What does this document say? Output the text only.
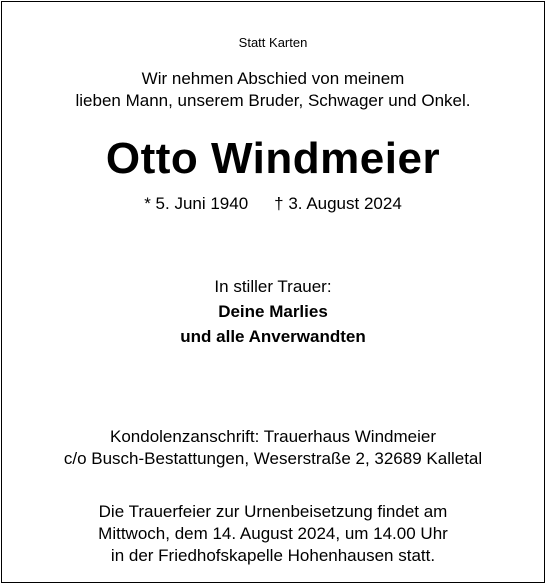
Statt Karten
Wir nehmen Abschied von meinem
lieben Mann, unserem Bruder, Schwager und Onkel.
Otto Windmeier
* 5. Juni 1940 † 3. August 2024
In stiller Trauer:
Deine Marlies
und alle Anverwandten
Kondolenzanschrift: Trauerhaus Windmeier
c/o Busch-Bestattungen, Weserstraße 2, 32689 Kalletal
Die Trauerfeier zur Urnenbeisetzung findet am
Mittwoch, dem 14. August 2024, um 14.00 Uhr
in der Friedhofskapelle Hohenhausen statt.
